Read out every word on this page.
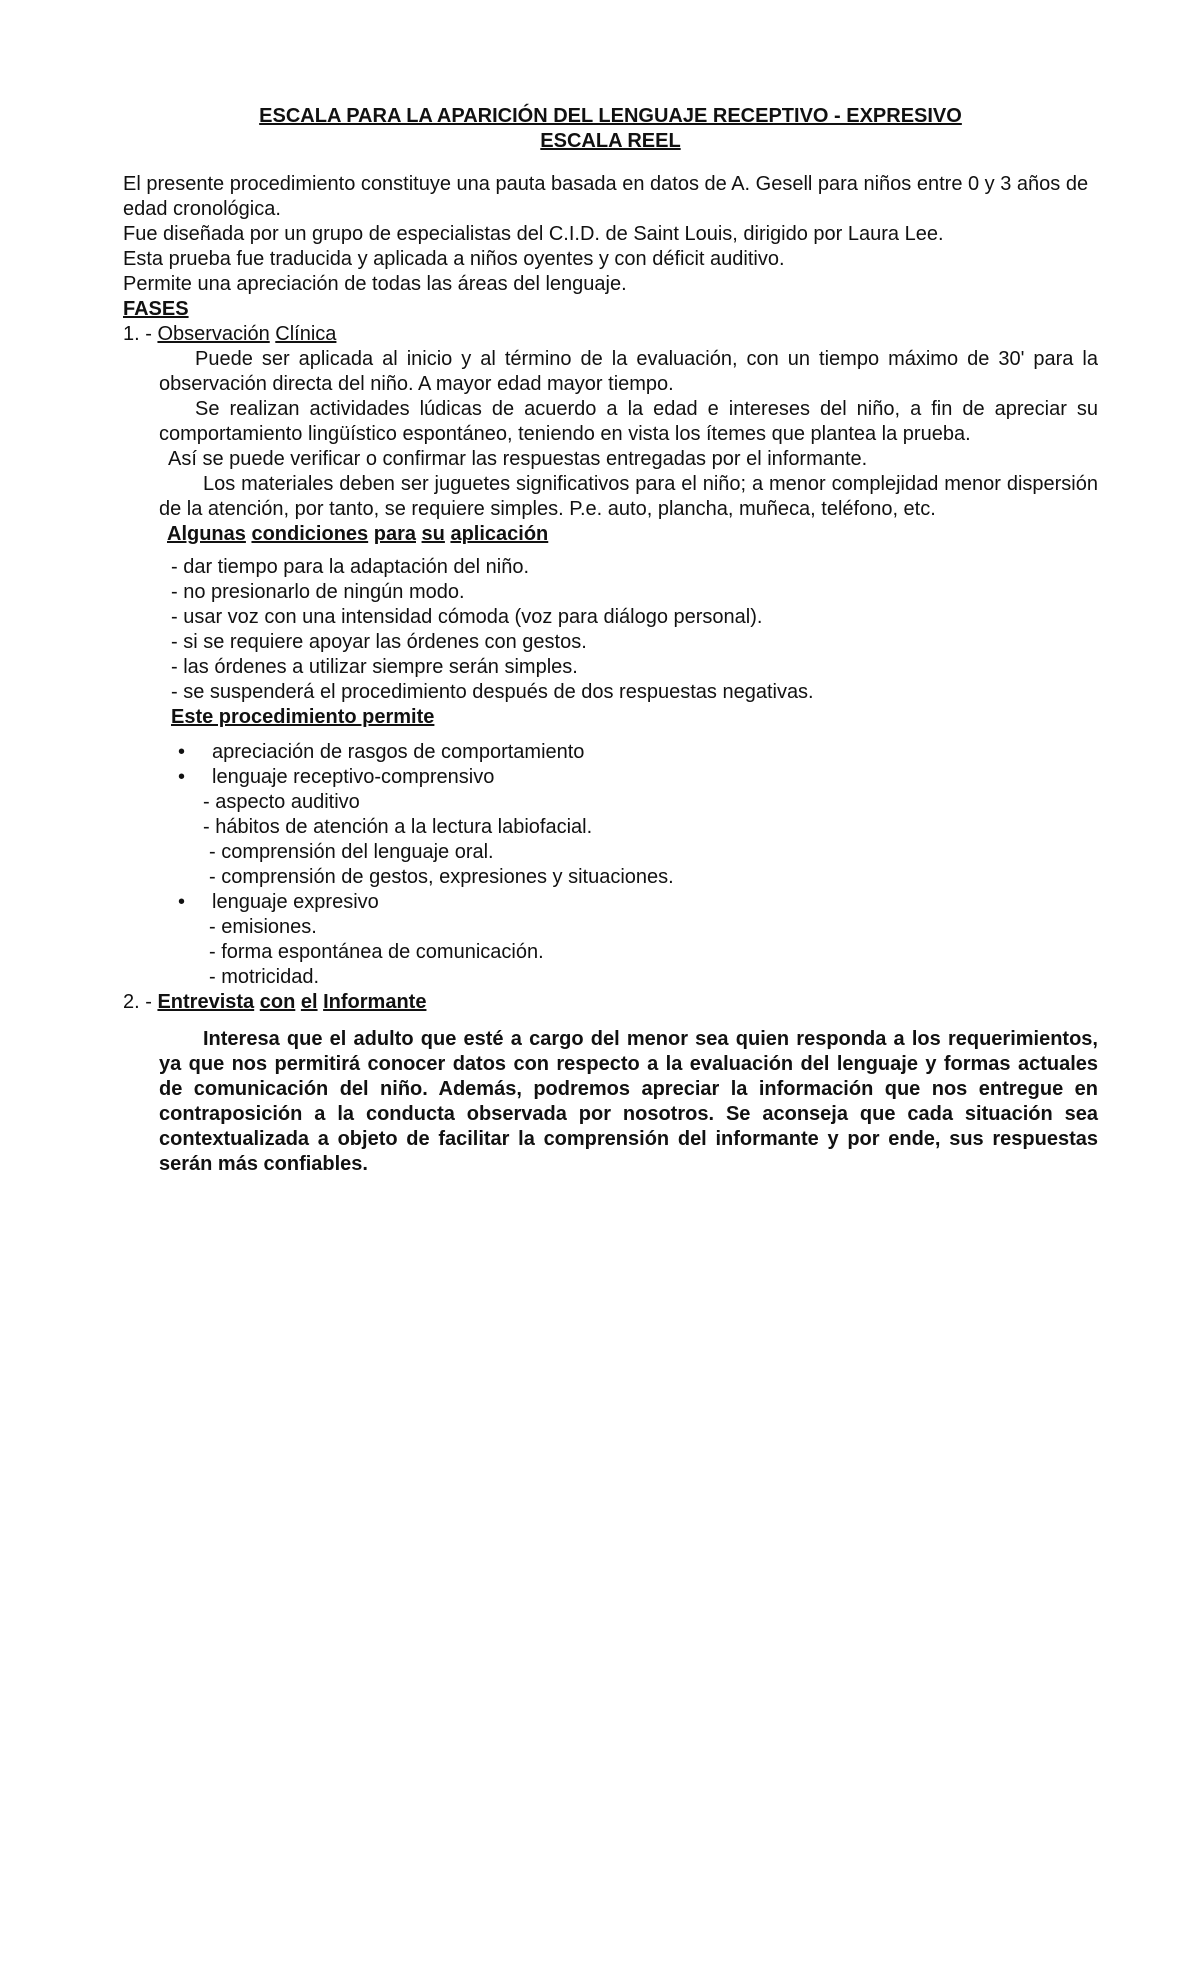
ESCALA PARA LA APARICIÓN DEL LENGUAJE RECEPTIVO - EXPRESIVO

ESCALA REEL

El presente procedimiento constituye una pauta basada en datos de A. Gesell para niños entre 0 y 3 años de edad cronológica.

Fue diseñada por un grupo de especialistas del C.I.D. de Saint Louis, dirigido por Laura Lee.

Esta prueba fue traducida y aplicada a niños oyentes y con déficit auditivo.

Permite una apreciación de todas las áreas del lenguaje.

FASES

1. - Observación Clínica

Puede ser aplicada al inicio y al término de la evaluación, con un tiempo máximo de 30' para la observación directa del niño. A mayor edad mayor tiempo.

Se realizan actividades lúdicas de acuerdo a la edad e intereses del niño, a fin de apreciar su comportamiento lingüístico espontáneo, teniendo en vista los ítemes que plantea la prueba.

Así se puede verificar o confirmar las respuestas entregadas por el informante.

Los materiales deben ser juguetes significativos para el niño; a menor complejidad menor dispersión de la atención, por tanto, se requiere simples. P.e. auto, plancha, muñeca, teléfono, etc.

Algunas condiciones para su aplicación

- dar tiempo para la adaptación del niño.

- no presionarlo de ningún modo.

- usar voz con una intensidad cómoda (voz para diálogo personal).

- si se requiere apoyar las órdenes con gestos.

- las órdenes a utilizar siempre serán simples.

- se suspenderá el procedimiento después de dos respuestas negativas.

Este procedimiento permite

• apreciación de rasgos de comportamiento
• lenguaje receptivo-comprensivo
- aspecto auditivo
- hábitos de atención a la lectura labiofacial.
- comprensión del lenguaje oral.
- comprensión de gestos, expresiones y situaciones.
• lenguaje expresivo
- emisiones.
- forma espontánea de comunicación.
- motricidad.

2. - Entrevista con el Informante

Interesa que el adulto que esté a cargo del menor sea quien responda a los requerimientos, ya que nos permitirá conocer datos con respecto a la evaluación del lenguaje y formas actuales de comunicación del niño. Además, podremos apreciar la información que nos entregue en contraposición a la conducta observada por nosotros. Se aconseja que cada situación sea contextualizada a objeto de facilitar la comprensión del informante y por ende, sus respuestas serán más confiables.
